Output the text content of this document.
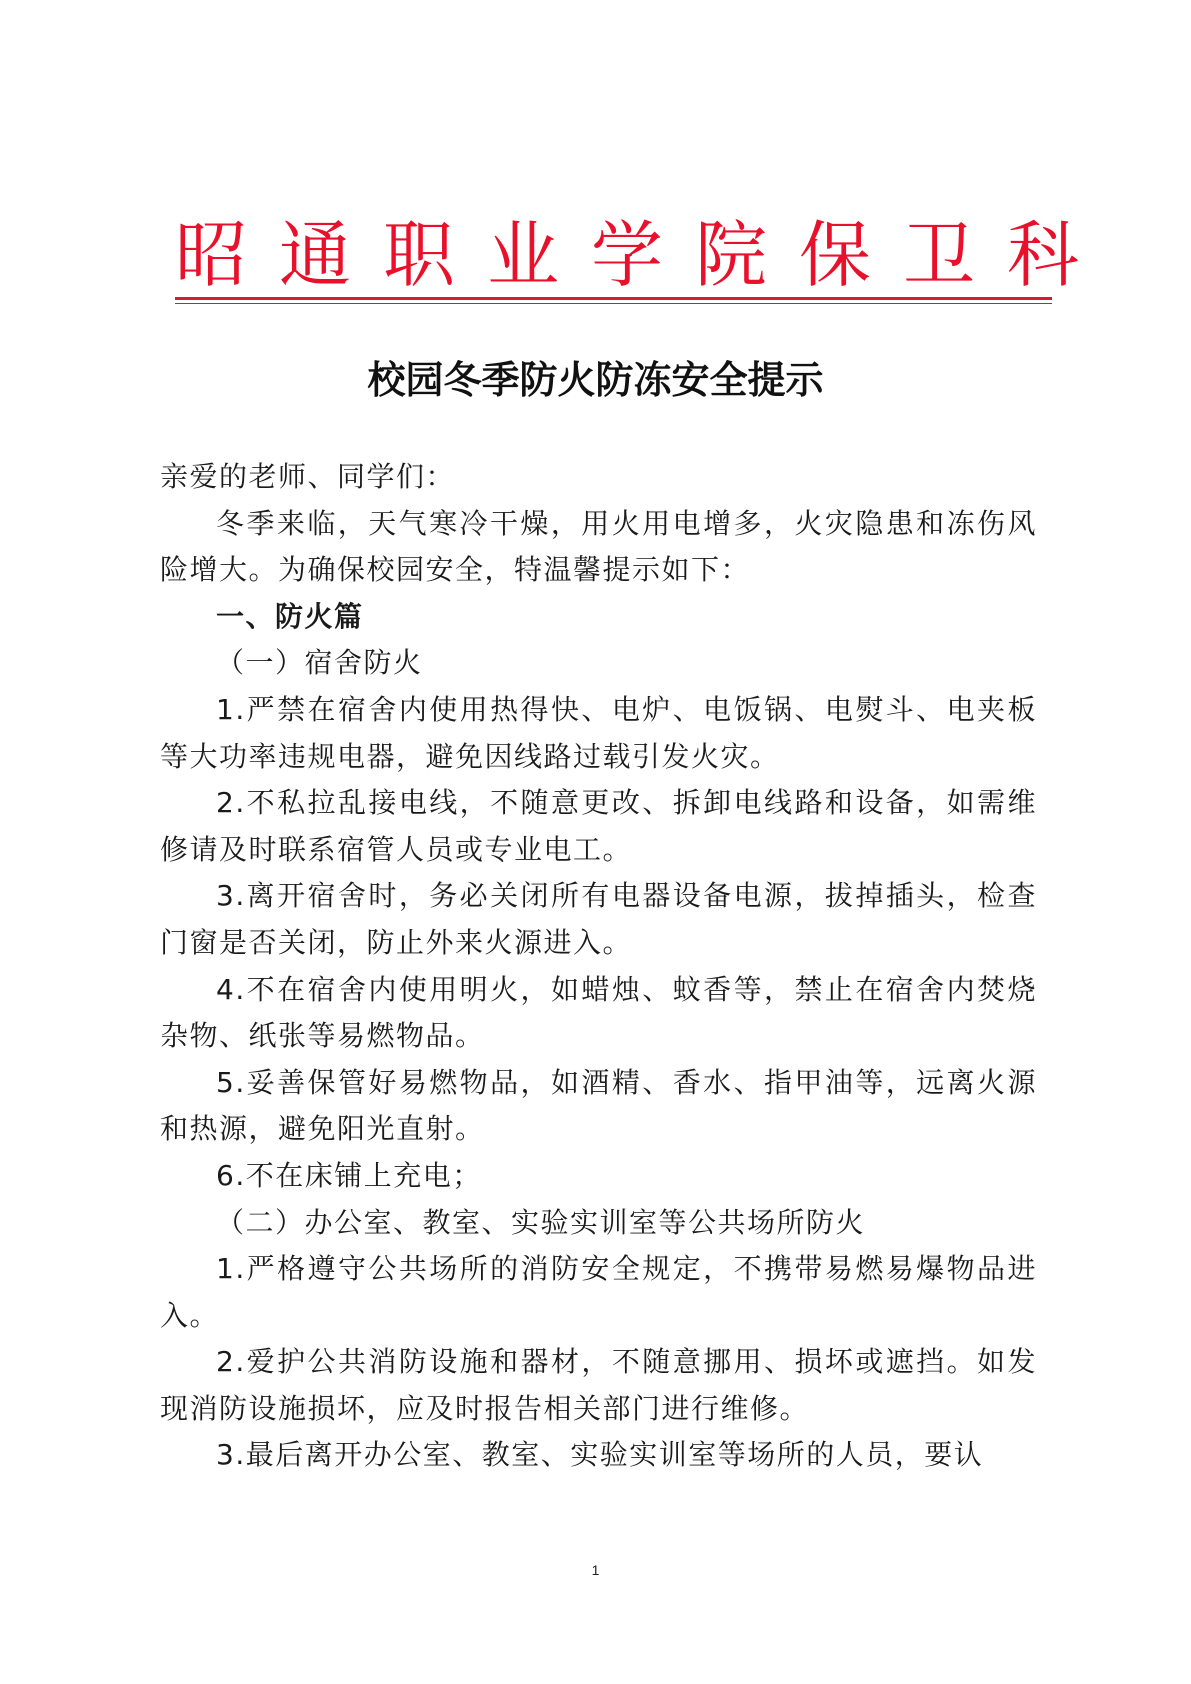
昭通职业学院保卫科
校园冬季防火防冻安全提示

亲爱的老师、同学们：

冬季来临，天气寒冷干燥，用火用电增多，火灾隐患和冻伤风险增大。为确保校园安全，特温馨提示如下：

一、防火篇

（一）宿舍防火

1.严禁在宿舍内使用热得快、电炉、电饭锅、电熨斗、电夹板等大功率违规电器，避免因线路过载引发火灾。

2.不私拉乱接电线，不随意更改、拆卸电线路和设备，如需维修请及时联系宿管人员或专业电工。

3.离开宿舍时，务必关闭所有电器设备电源，拔掉插头，检查门窗是否关闭，防止外来火源进入。

4.不在宿舍内使用明火，如蜡烛、蚊香等，禁止在宿舍内焚烧杂物、纸张等易燃物品。

5.妥善保管好易燃物品，如酒精、香水、指甲油等，远离火源和热源，避免阳光直射。

6.不在床铺上充电；

（二）办公室、教室、实验实训室等公共场所防火

1.严格遵守公共场所的消防安全规定，不携带易燃易爆物品进入。

2.爱护公共消防设施和器材，不随意挪用、损坏或遮挡。如发现消防设施损坏，应及时报告相关部门进行维修。

3.最后离开办公室、教室、实验实训室等场所的人员，要认

1
